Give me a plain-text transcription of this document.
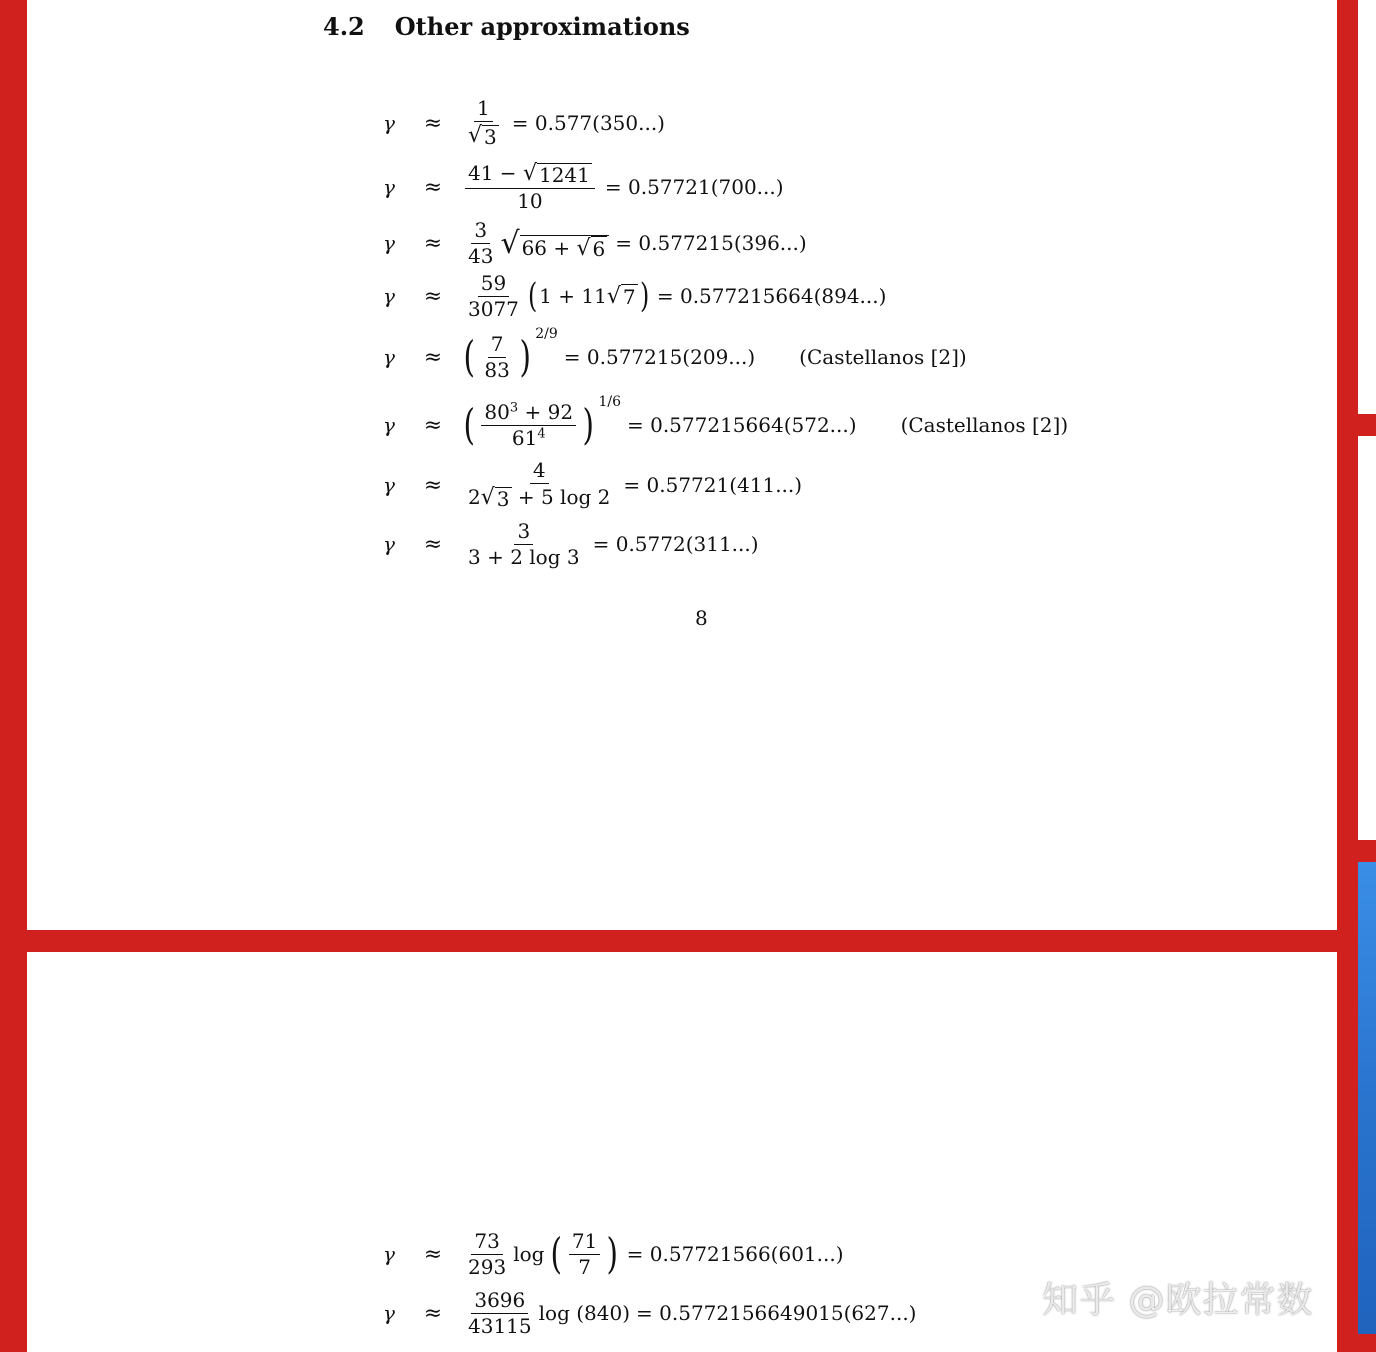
4.2 Other approximations
γ	≈	$\frac{1}{√ 3} = 0.577(350...)$
γ	≈	$\frac{41 - √ 1241}{10} = 0.57721(700...)$
γ	≈	$\frac{3}{43}$ √ 66 + √ 6 = 0.577215(396...)
γ	≈	$\frac{59}{3077}$ ( 1 + 11 √ 7 ) = 0.577215664(894...)
γ	≈ ( $\frac{7}{83}$ ) 2/9
= 0.577215(209...) (Castellanos [2])
γ	≈ ( $\frac{80^3 + 92}{61^4}$ ) 1/6
= 0.577215664(572...) (Castellanos [2])
γ	≈	$\frac{4}{2 √ 3 + 5 \log 2} = 0.57721(411...)$
γ	≈	$\frac{3}{3 + 2 \log 3} = 0.5772(311...)$
8
γ	≈	$\frac{73}{293}$ log ( $\frac{71}{7}$ ) = 0.57721566(601...)
γ	≈	$\frac{3696}{43115}$ log (840) = 0.5772156649015(627...)	知乎 @欧拉常数
